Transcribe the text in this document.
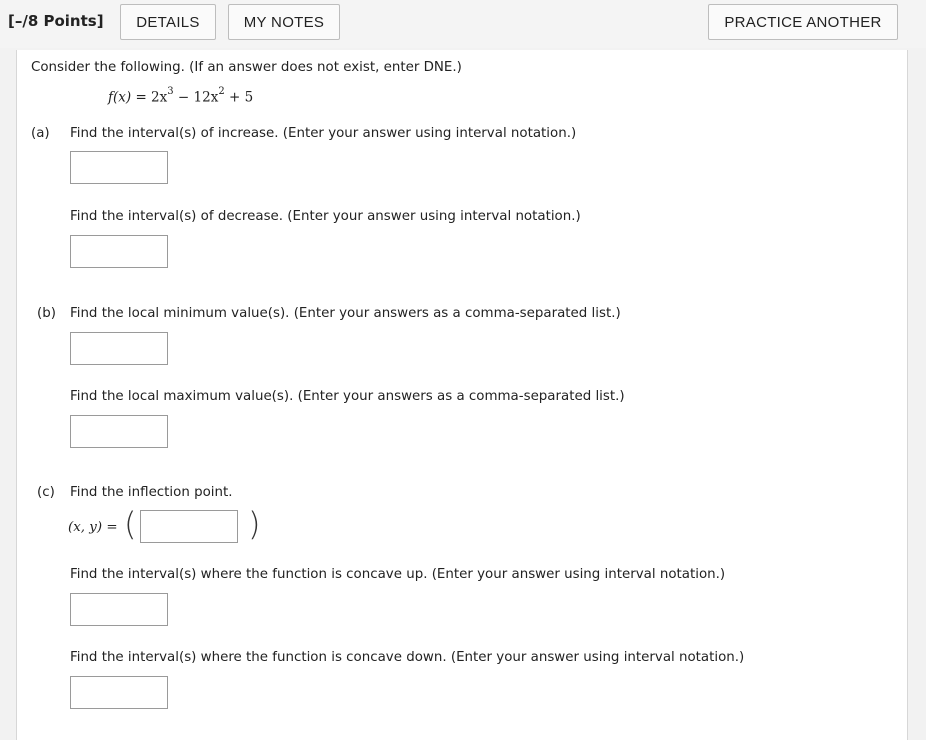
[–/8 Points]	DETAILS	MY NOTES	PRACTICE ANOTHER
Consider the following. (If an answer does not exist, enter DNE.)
$f(x) = 2x^3 - 12x^2 + 5$
(a) Find the interval(s) of increase. (Enter your answer using interval notation.)
Find the interval(s) of decrease. (Enter your answer using interval notation.)
(b) Find the local minimum value(s). (Enter your answers as a comma-separated list.)
Find the local maximum value(s). (Enter your answers as a comma-separated list.)
(c) Find the inflection point.
(x, y) = (	)
Find the interval(s) where the function is concave up. (Enter your answer using interval notation.)
Find the interval(s) where the function is concave down. (Enter your answer using interval notation.)
